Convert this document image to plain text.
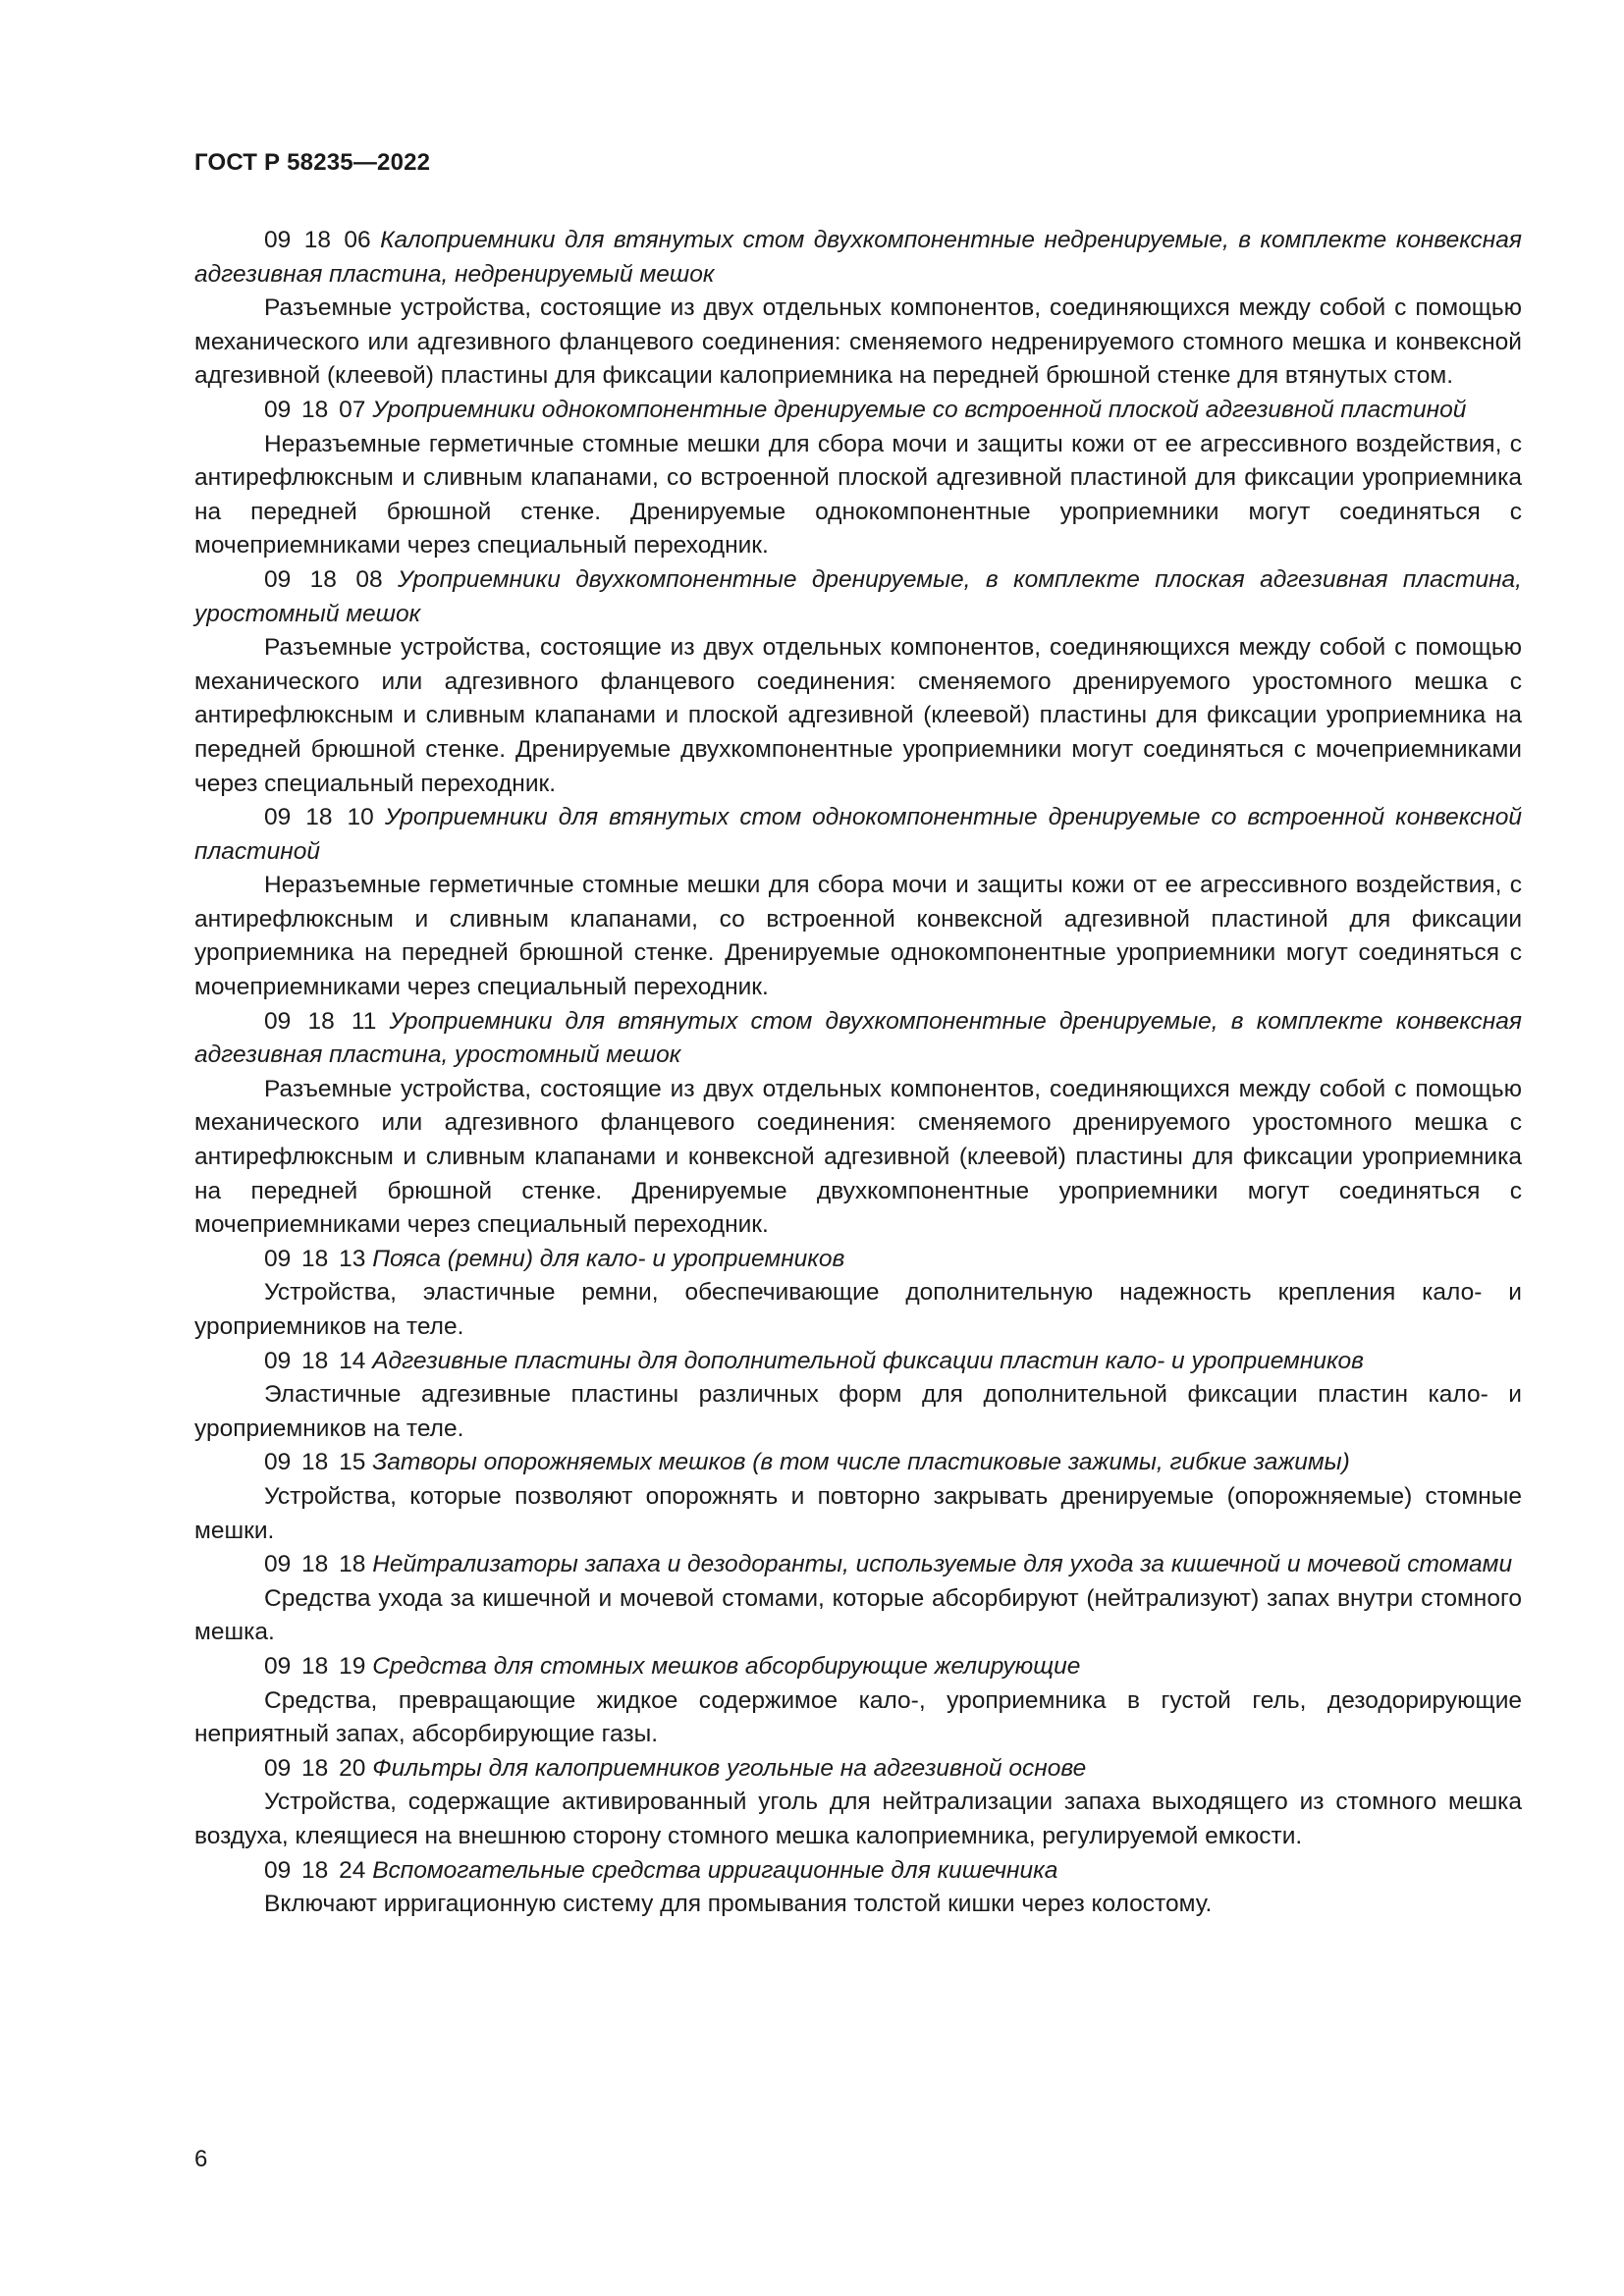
ГОСТ Р 58235—2022

09 18 06 Калоприемники для втянутых стом двухкомпонентные недренируемые, в комплекте конвексная адгезивная пластина, недренируемый мешок

Разъемные устройства, состоящие из двух отдельных компонентов, соединяющихся между собой с помощью механического или адгезивного фланцевого соединения: сменяемого недренируемого стомного мешка и конвексной адгезивной (клеевой) пластины для фиксации калоприемника на передней брюшной стенке для втянутых стом.

09 18 07 Уроприемники однокомпонентные дренируемые со встроенной плоской адгезивной пластиной

Неразъемные герметичные стомные мешки для сбора мочи и защиты кожи от ее агрессивного воздействия, с антирефлюксным и сливным клапанами, со встроенной плоской адгезивной пластиной для фиксации уроприемника на передней брюшной стенке. Дренируемые однокомпонентные уроприемники могут соединяться с мочеприемниками через специальный переходник.

09 18 08 Уроприемники двухкомпонентные дренируемые, в комплекте плоская адгезивная пластина, уростомный мешок

Разъемные устройства, состоящие из двух отдельных компонентов, соединяющихся между собой с помощью механического или адгезивного фланцевого соединения: сменяемого дренируемого уростомного мешка с антирефлюксным и сливным клапанами и плоской адгезивной (клеевой) пластины для фиксации уроприемника на передней брюшной стенке. Дренируемые двухкомпонентные уроприемники могут соединяться с мочеприемниками через специальный переходник.

09 18 10 Уроприемники для втянутых стом однокомпонентные дренируемые со встроенной конвексной пластиной

Неразъемные герметичные стомные мешки для сбора мочи и защиты кожи от ее агрессивного воздействия, с антирефлюксным и сливным клапанами, со встроенной конвексной адгезивной пластиной для фиксации уроприемника на передней брюшной стенке. Дренируемые однокомпонентные уроприемники могут соединяться с мочеприемниками через специальный переходник.

09 18 11 Уроприемники для втянутых стом двухкомпонентные дренируемые, в комплекте конвексная адгезивная пластина, уростомный мешок

Разъемные устройства, состоящие из двух отдельных компонентов, соединяющихся между собой с помощью механического или адгезивного фланцевого соединения: сменяемого дренируемого уростомного мешка с антирефлюксным и сливным клапанами и конвексной адгезивной (клеевой) пластины для фиксации уроприемника на передней брюшной стенке. Дренируемые двухкомпонентные уроприемники могут соединяться с мочеприемниками через специальный переходник.

09 18 13 Пояса (ремни) для кало- и уроприемников

Устройства, эластичные ремни, обеспечивающие дополнительную надежность крепления кало- и уроприемников на теле.

09 18 14 Адгезивные пластины для дополнительной фиксации пластин кало- и уроприемников

Эластичные адгезивные пластины различных форм для дополнительной фиксации пластин кало- и уроприемников на теле.

09 18 15 Затворы опорожняемых мешков (в том числе пластиковые зажимы, гибкие зажимы)

Устройства, которые позволяют опорожнять и повторно закрывать дренируемые (опорожняемые) стомные мешки.

09 18 18 Нейтрализаторы запаха и дезодоранты, используемые для ухода за кишечной и мочевой стомами

Средства ухода за кишечной и мочевой стомами, которые абсорбируют (нейтрализуют) запах внутри стомного мешка.

09 18 19 Средства для стомных мешков абсорбирующие желирующие

Средства, превращающие жидкое содержимое кало-, уроприемника в густой гель, дезодорирующие неприятный запах, абсорбирующие газы.

09 18 20 Фильтры для калоприемников угольные на адгезивной основе

Устройства, содержащие активированный уголь для нейтрализации запаха выходящего из стомного мешка воздуха, клеящиеся на внешнюю сторону стомного мешка калоприемника, регулируемой емкости.

09 18 24 Вспомогательные средства ирригационные для кишечника

Включают ирригационную систему для промывания толстой кишки через колостому.

6
